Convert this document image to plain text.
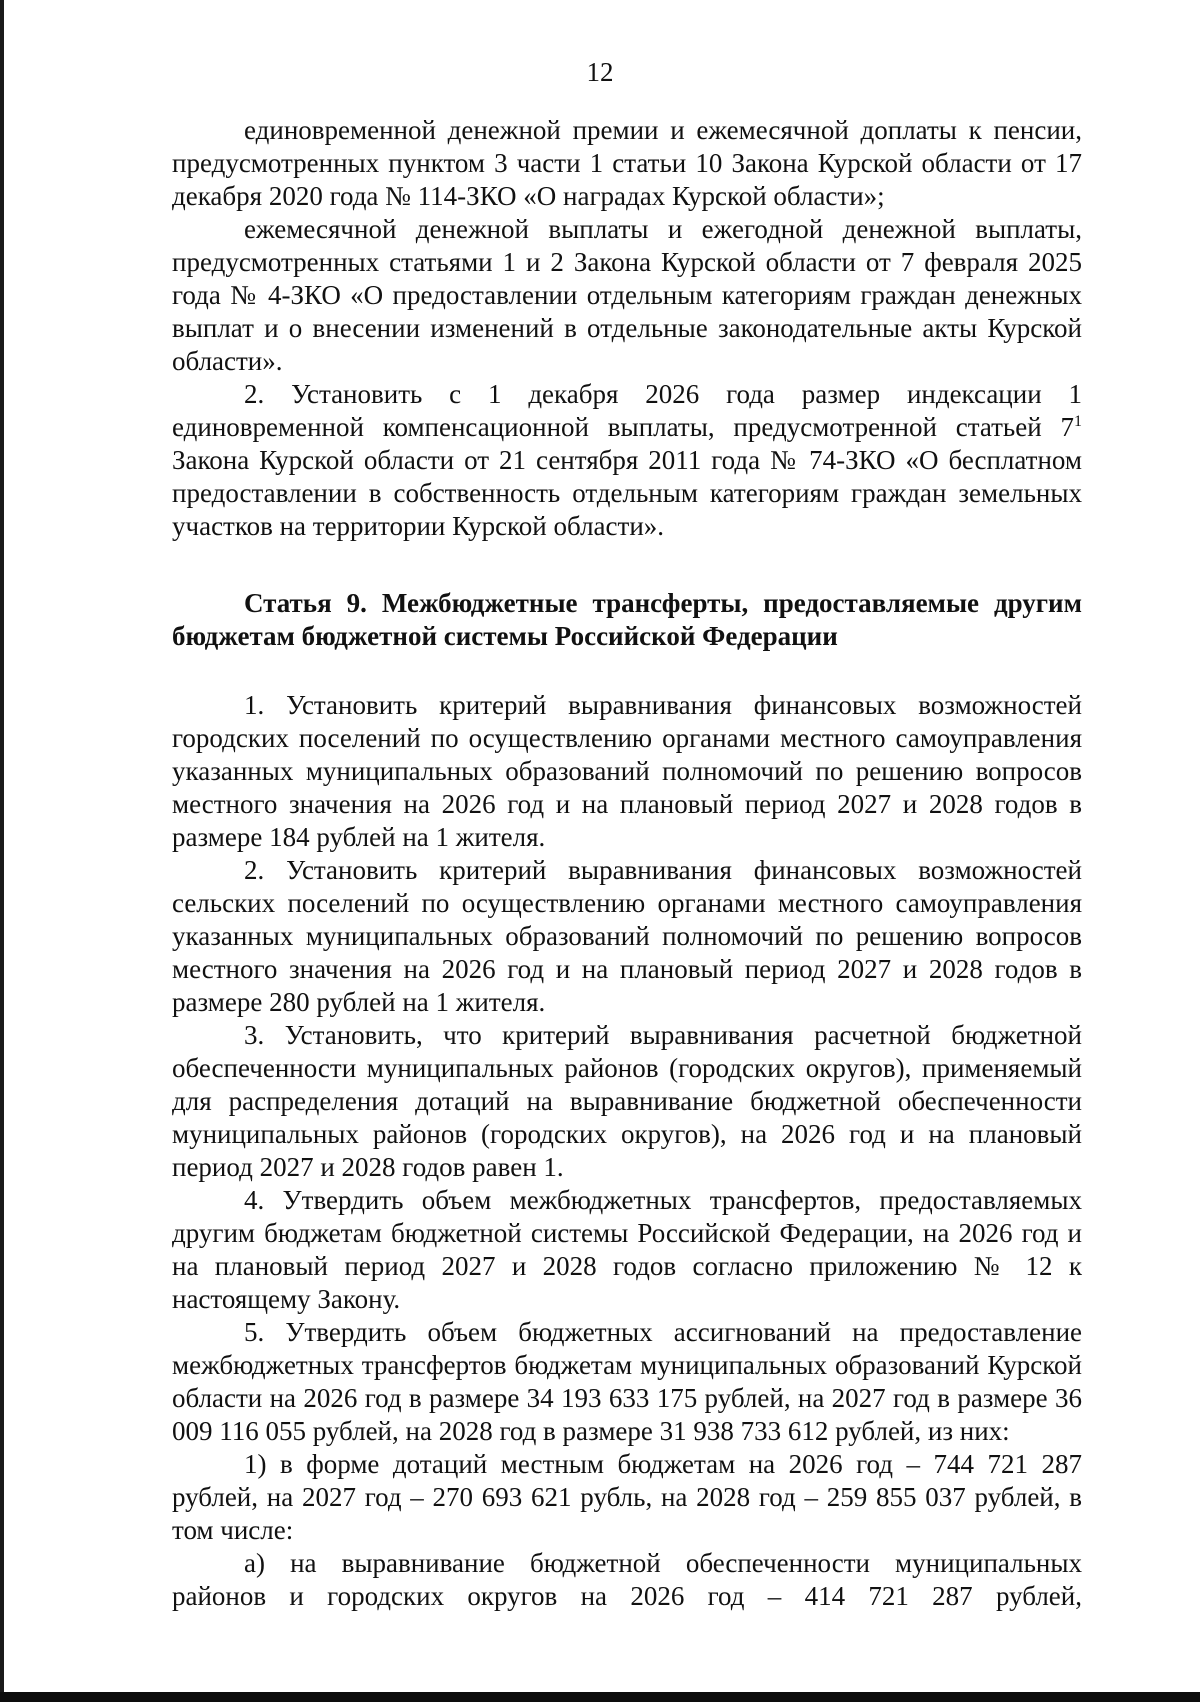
12

единовременной денежной премии и ежемесячной доплаты к пенсии, предусмотренных пунктом 3 части 1 статьи 10 Закона Курской области от 17 декабря 2020 года № 114-ЗКО «О наградах Курской области»;

ежемесячной денежной выплаты и ежегодной денежной выплаты, предусмотренных статьями 1 и 2 Закона Курской области от 7 февраля 2025 года № 4-ЗКО «О предоставлении отдельным категориям граждан денежных выплат и о внесении изменений в отдельные законодательные акты Курской области».

2. Установить с 1 декабря 2026 года размер индексации 1 единовременной компенсационной выплаты, предусмотренной статьей $7^1$ Закона Курской области от 21 сентября 2011 года № 74-ЗКО «О бесплатном предоставлении в собственность отдельным категориям граждан земельных участков на территории Курской области».

Статья 9. Межбюджетные трансферты, предоставляемые другим бюджетам бюджетной системы Российской Федерации

1. Установить критерий выравнивания финансовых возможностей городских поселений по осуществлению органами местного самоуправления указанных муниципальных образований полномочий по решению вопросов местного значения на 2026 год и на плановый период 2027 и 2028 годов в размере 184 рублей на 1 жителя.

2. Установить критерий выравнивания финансовых возможностей сельских поселений по осуществлению органами местного самоуправления указанных муниципальных образований полномочий по решению вопросов местного значения на 2026 год и на плановый период 2027 и 2028 годов в размере 280 рублей на 1 жителя.

3. Установить, что критерий выравнивания расчетной бюджетной обеспеченности муниципальных районов (городских округов), применяемый для распределения дотаций на выравнивание бюджетной обеспеченности муниципальных районов (городских округов), на 2026 год и на плановый период 2027 и 2028 годов равен 1.

4. Утвердить объем межбюджетных трансфертов, предоставляемых другим бюджетам бюджетной системы Российской Федерации, на 2026 год и на плановый период 2027 и 2028 годов согласно приложению № 12 к настоящему Закону.

5. Утвердить объем бюджетных ассигнований на предоставление межбюджетных трансфертов бюджетам муниципальных образований Курской области на 2026 год в размере 34 193 633 175 рублей, на 2027 год в размере 36 009 116 055 рублей, на 2028 год в размере 31 938 733 612 рублей, из них:

1) в форме дотаций местным бюджетам на 2026 год – 744 721 287 рублей, на 2027 год – 270 693 621 рубль, на 2028 год – 259 855 037 рублей, в том числе:

а) на выравнивание бюджетной обеспеченности муниципальных районов и городских округов на 2026 год – 414 721 287 рублей,
